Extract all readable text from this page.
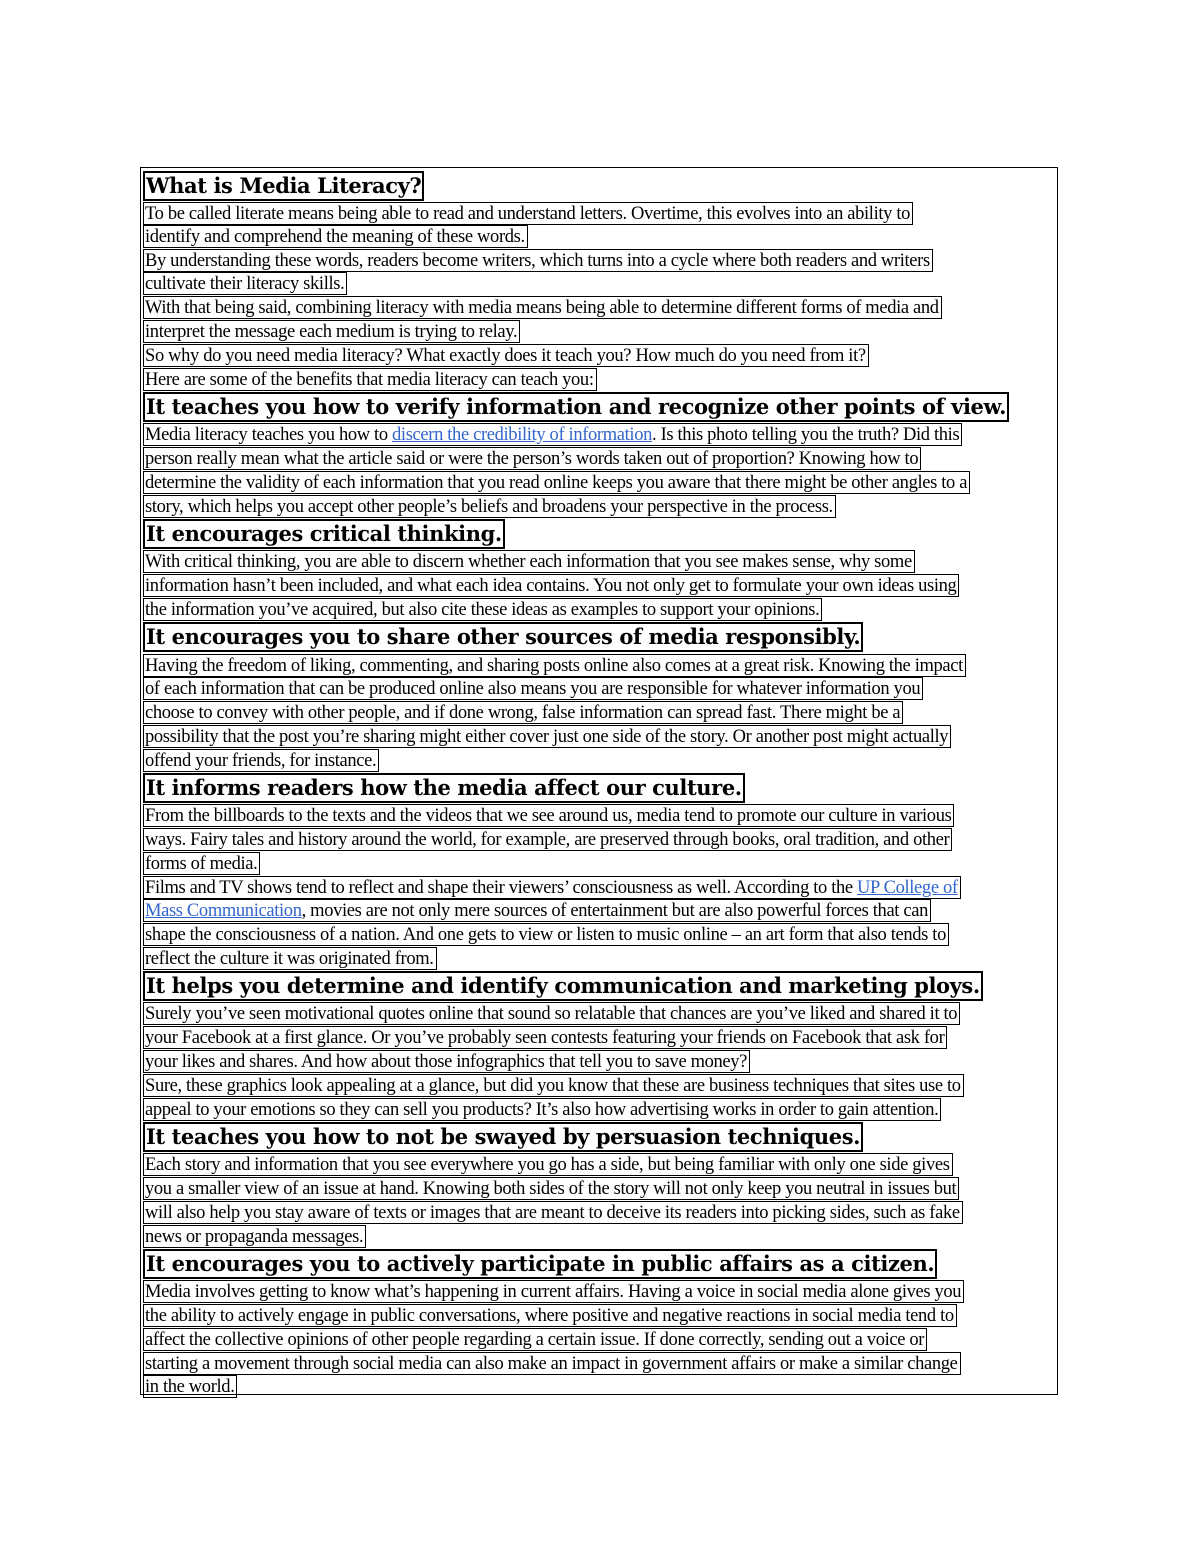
What is Media Literacy?
To be called literate means being able to read and understand letters. Overtime, this evolves into an ability to
identify and comprehend the meaning of these words.
By understanding these words, readers become writers, which turns into a cycle where both readers and writers
cultivate their literacy skills.
With that being said, combining literacy with media means being able to determine different forms of media and
interpret the message each medium is trying to relay.
So why do you need media literacy? What exactly does it teach you? How much do you need from it?
Here are some of the benefits that media literacy can teach you:
It teaches you how to verify information and recognize other points of view.
Media literacy teaches you how to discern the credibility of information. Is this photo telling you the truth? Did this
person really mean what the article said or were the person’s words taken out of proportion? Knowing how to
determine the validity of each information that you read online keeps you aware that there might be other angles to a
story, which helps you accept other people’s beliefs and broadens your perspective in the process.
It encourages critical thinking.
With critical thinking, you are able to discern whether each information that you see makes sense, why some
information hasn’t been included, and what each idea contains. You not only get to formulate your own ideas using
the information you’ve acquired, but also cite these ideas as examples to support your opinions.
It encourages you to share other sources of media responsibly.
Having the freedom of liking, commenting, and sharing posts online also comes at a great risk. Knowing the impact
of each information that can be produced online also means you are responsible for whatever information you
choose to convey with other people, and if done wrong, false information can spread fast. There might be a
possibility that the post you’re sharing might either cover just one side of the story. Or another post might actually
offend your friends, for instance.
It informs readers how the media affect our culture.
From the billboards to the texts and the videos that we see around us, media tend to promote our culture in various
ways. Fairy tales and history around the world, for example, are preserved through books, oral tradition, and other
forms of media.
Films and TV shows tend to reflect and shape their viewers’ consciousness as well. According to the UP College of
Mass Communication, movies are not only mere sources of entertainment but are also powerful forces that can
shape the consciousness of a nation. And one gets to view or listen to music online – an art form that also tends to
reflect the culture it was originated from.
It helps you determine and identify communication and marketing ploys.
Surely you’ve seen motivational quotes online that sound so relatable that chances are you’ve liked and shared it to
your Facebook at a first glance. Or you’ve probably seen contests featuring your friends on Facebook that ask for
your likes and shares. And how about those infographics that tell you to save money?
Sure, these graphics look appealing at a glance, but did you know that these are business techniques that sites use to
appeal to your emotions so they can sell you products? It’s also how advertising works in order to gain attention.
It teaches you how to not be swayed by persuasion techniques.
Each story and information that you see everywhere you go has a side, but being familiar with only one side gives
you a smaller view of an issue at hand. Knowing both sides of the story will not only keep you neutral in issues but
will also help you stay aware of texts or images that are meant to deceive its readers into picking sides, such as fake
news or propaganda messages.
It encourages you to actively participate in public affairs as a citizen.
Media involves getting to know what’s happening in current affairs. Having a voice in social media alone gives you
the ability to actively engage in public conversations, where positive and negative reactions in social media tend to
affect the collective opinions of other people regarding a certain issue. If done correctly, sending out a voice or
starting a movement through social media can also make an impact in government affairs or make a similar change
in the world.
